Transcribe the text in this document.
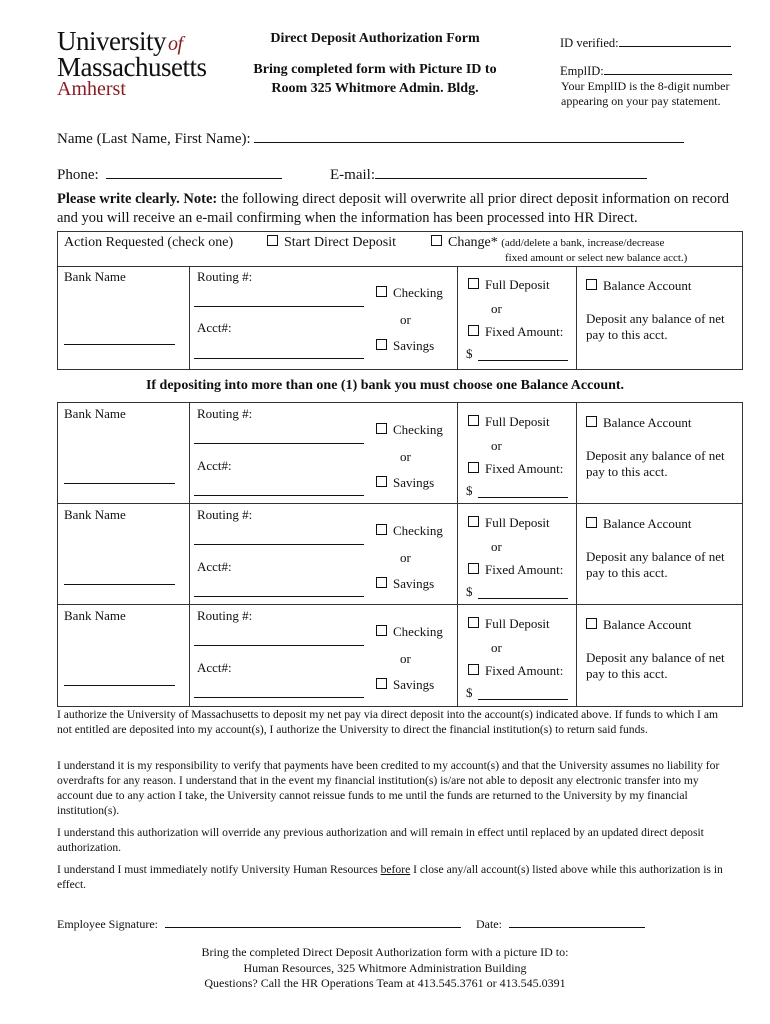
University of
Massachusetts
Amherst
Direct Deposit Authorization Form
Bring completed form with Picture ID to
Room 325 Whitmore Admin. Bldg.
ID verified:
EmplID:
Your EmplID is the 8-digit number
appearing on your pay statement.
Name (Last Name, First Name):
Phone:	E-mail:
Please write clearly. Note: the following direct deposit will overwrite all prior direct deposit information on record and you will receive an e-mail confirming when the information has been processed into HR Direct.
Action Requested (check one)	Start Direct Deposit	Change* (add/delete a bank, increase/decrease
fixed amount or select new balance acct.)
Bank Name	Routing #:
Acct#:
Checking
or
Savings
Full Deposit
or
Fixed Amount:
$
Balance Account
Deposit any balance of net
pay to this acct.
If depositing into more than one (1) bank you must choose one Balance Account.
Bank Name	Routing #:
Acct#:
Checking
or
Savings
Full Deposit
or
Fixed Amount:
$
Balance Account
Deposit any balance of net
pay to this acct.
Bank Name	Routing #:
Acct#:
Checking
or
Savings
Full Deposit
or
Fixed Amount:
$
Balance Account
Deposit any balance of net
pay to this acct.
Bank Name	Routing #:
Acct#:
Checking
or
Savings
Full Deposit
or
Fixed Amount:
$
Balance Account
Deposit any balance of net
pay to this acct.
I authorize the University of Massachusetts to deposit my net pay via direct deposit into the account(s) indicated above. If funds to which I am not entitled are deposited into my account(s), I authorize the University to direct the financial institution(s) to return said funds.
I understand it is my responsibility to verify that payments have been credited to my account(s) and that the University assumes no liability for overdrafts for any reason. I understand that in the event my financial institution(s) is/are not able to deposit any electronic transfer into my account due to any action I take, the University cannot reissue funds to me until the funds are returned to the University by my financial institution(s).
I understand this authorization will override any previous authorization and will remain in effect until replaced by an updated direct deposit authorization.
I understand I must immediately notify University Human Resources before I close any/all account(s) listed above while this authorization is in effect.
Employee Signature:	Date:
Bring the completed Direct Deposit Authorization form with a picture ID to:
Human Resources, 325 Whitmore Administration Building
Questions? Call the HR Operations Team at 413.545.3761 or 413.545.0391
